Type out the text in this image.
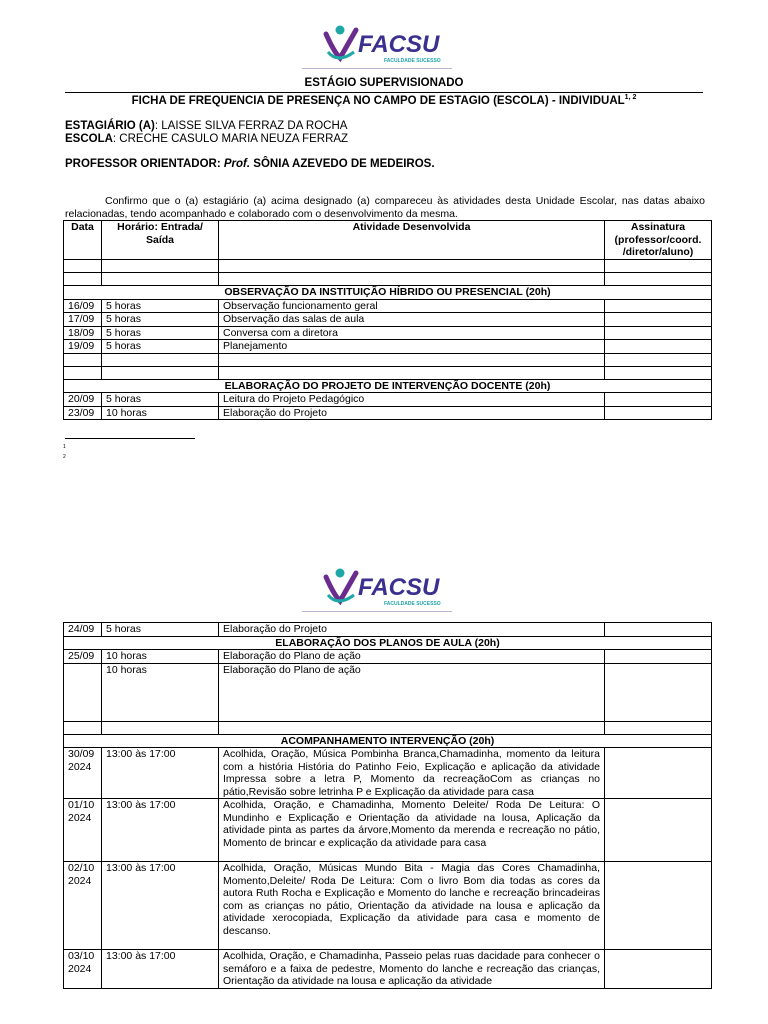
FACSU
FACULDADE SUCESSO
ESTÁGIO SUPERVISIONADO
FICHA DE FREQUENCIA DE PRESENÇA NO CAMPO DE ESTAGIO (ESCOLA) - INDIVIDUAL$^{1, 2}$
ESTAGIÁRIO (A): LAISSE SILVA FERRAZ DA ROCHA
ESCOLA: CRECHE CASULO MARIA NEUZA FERRAZ
PROFESSOR ORIENTADOR: Prof. SÔNIA AZEVEDO DE MEDEIROS.
Confirmo que o (a) estagiário (a) acima designado (a) compareceu às atividades desta Unidade Escolar, nas datas abaixo relacionadas, tendo acompanhado e colaborado com o desenvolvimento da mesma.
Data	Horário: Entrada/ Saída	Atividade Desenvolvida	Assinatura (professor/coord. /diretor/aluno)

OBSERVAÇÃO DA INSTITUIÇÃO HÍBRIDO OU PRESENCIAL (20h)			
16/09	5 horas	Observação funcionamento geral	
17/09	5 horas	Observação das salas de aula	
18/09	5 horas	Conversa com a diretora	
19/09	5 horas	Planejamento	

ELABORAÇÃO DO PROJETO DE INTERVENÇÃO DOCENTE (20h)			
20/09	5 horas	Leitura do Projeto Pedagógico	
23/09	10 horas	Elaboração do Projeto	
1
2
FACSU
FACULDADE SUCESSO
24/09	5 horas	Elaboração do Projeto	
ELABORAÇÃO DOS PLANOS DE AULA (20h)			
25/09	10 horas	Elaboração do Plano de ação	
	10 horas	Elaboração do Plano de ação	

ACOMPANHAMENTO INTERVENÇÃO (20h)			
30/09 2024	13:00 às 17:00	Acolhida, Oração, Música Pombinha Branca,Chamadinha, momento da leitura com a história História do Patinho Feio, Explicação e aplicação da atividade Impressa sobre a letra P, Momento da recreaçãoCom as crianças no pátio,Revisão sobre letrinha P e Explicação da atividade para casa	
01/10 2024	13:00 às 17:00	Acolhida, Oração, e Chamadinha, Momento Deleite/ Roda De Leitura: O Mundinho e Explicação e Orientação da atividade na lousa, Aplicação da atividade pinta as partes da árvore,Momento da merenda e recreação no pátio, Momento de brincar e explicação da atividade para casa	
02/10 2024	13:00 às 17:00	Acolhida, Oração, Músicas Mundo Bita - Magia das Cores Chamadinha, Momento,Deleite/ Roda De Leitura: Com o livro Bom dia todas as cores da autora Ruth Rocha e Explicação e Momento do lanche e recreação brincadeiras com as crianças no pátio, Orientação da atividade na lousa e aplicação da atividade xerocopiada, Explicação da atividade para casa e momento de descanso.	
03/10 2024	13:00 às 17:00	Acolhida, Oração, e Chamadinha, Passeio pelas ruas dacidade para conhecer o semáforo e a faixa de pedestre, Momento do lanche e recreação das crianças, Orientação da atividade na lousa e aplicação da atividade	
